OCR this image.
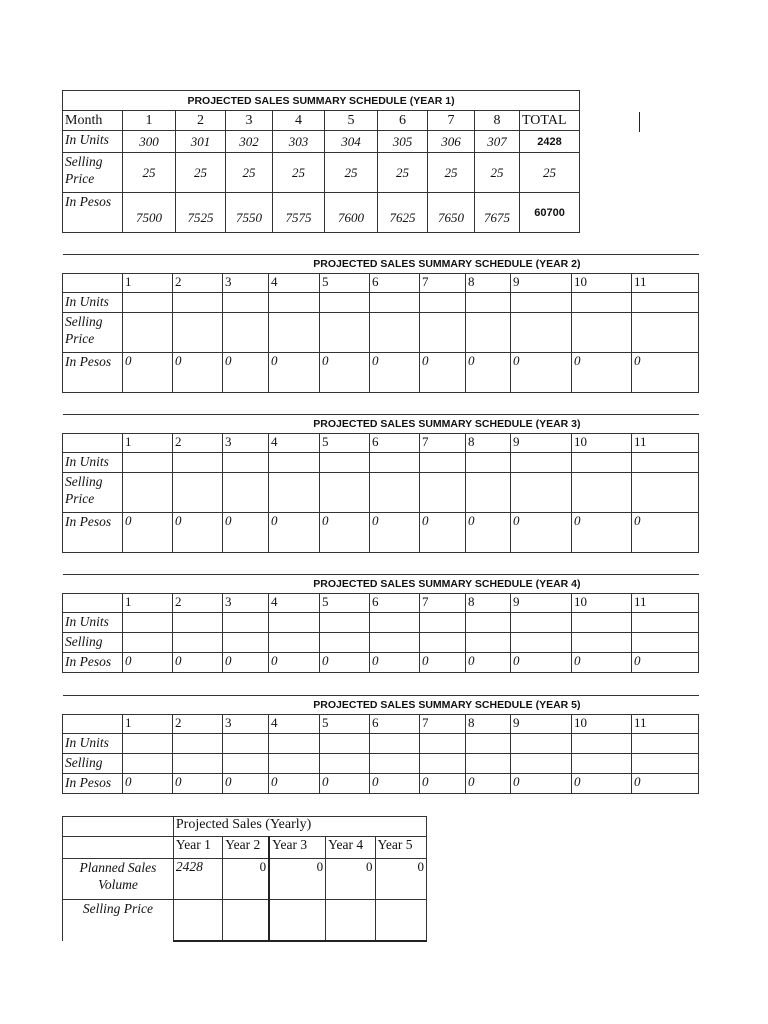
PROJECTED SALES SUMMARY SCHEDULE (YEAR 1)									
Month	1	2	3	4	5	6	7	8	TOTAL
In Units	300	301	302	303	304	305	306	307	2428
Selling Price	25	25	25	25	25	25	25	25	25
In Pesos	7500	7525	7550	7575	7600	7625	7650	7675	60700
PROJECTED SALES SUMMARY SCHEDULE (YEAR 2)											
	1	2	3	4	5	6	7	8	9	10	11
In Units											
Selling Price											
In Pesos	0	0	0	0	0	0	0	0	0	0	0
PROJECTED SALES SUMMARY SCHEDULE (YEAR 3)											
	1	2	3	4	5	6	7	8	9	10	11
In Units											
Selling Price											
In Pesos	0	0	0	0	0	0	0	0	0	0	0
PROJECTED SALES SUMMARY SCHEDULE (YEAR 4)											
	1	2	3	4	5	6	7	8	9	10	11
In Units											
Selling											
In Pesos	0	0	0	0	0	0	0	0	0	0	0
PROJECTED SALES SUMMARY SCHEDULE (YEAR 5)											
	1	2	3	4	5	6	7	8	9	10	11
In Units											
Selling											
In Pesos	0	0	0	0	0	0	0	0	0	0	0
	Projected Sales (Yearly)				
	Year 1	Year 2	Year 3	Year 4	Year 5
Planned Sales Volume	2428	0	0	0	0
Selling Price					
